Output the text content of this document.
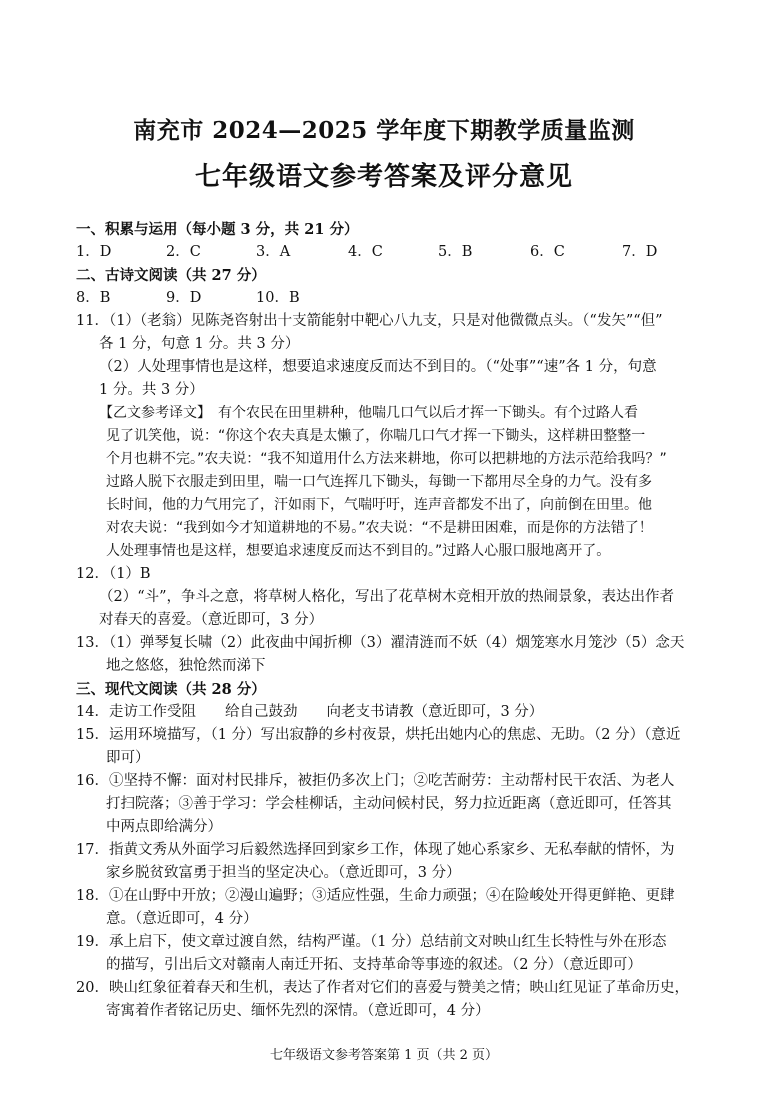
南充市 2024—2025 学年度下期教学质量监测
七年级语文参考答案及评分意见
一、积累与运用（每小题 3 分，共 21 分）
1．D	2．C	3．A	4．C	5．B	6．C	7．D
二、古诗文阅读（共 27 分）
8．B	9．D	10．B
11．（1）（老翁）见陈尧咨射出十支箭能射中靶心八九支，只是对他微微点头。（“发矢”“但”
各 1 分，句意 1 分。共 3 分）
（2）人处理事情也是这样，想要追求速度反而达不到目的。（“处事”“速”各 1 分，句意
1 分。共 3 分）
【乙文参考译文】　有个农民在田里耕种，他喘几口气以后才挥一下锄头。有个过路人看
见了讥笑他，说：“你这个农夫真是太懒了，你喘几口气才挥一下锄头，这样耕田整整一
个月也耕不完。”农夫说：“我不知道用什么方法来耕地，你可以把耕地的方法示范给我吗？”
过路人脱下衣服走到田里，喘一口气连挥几下锄头，每锄一下都用尽全身的力气。没有多
长时间，他的力气用完了，汗如雨下，气喘吁吁，连声音都发不出了，向前倒在田里。他
对农夫说：“我到如今才知道耕地的不易。”农夫说：“不是耕田困难，而是你的方法错了！
人处理事情也是这样，想要追求速度反而达不到目的。”过路人心服口服地离开了。
12．（1）B
（2）“斗”，争斗之意，将草树人格化，写出了花草树木竞相开放的热闹景象，表达出作者
对春天的喜爱。（意近即可，3 分）
13．（1）弹琴复长啸（2）此夜曲中闻折柳（3）濯清涟而不妖（4）烟笼寒水月笼沙（5）念天
地之悠悠，独怆然而涕下
三、现代文阅读（共 28 分）
14．走访工作受阻　　给自己鼓劲　　向老支书请教（意近即可，3 分）
15．运用环境描写，（1 分）写出寂静的乡村夜景，烘托出她内心的焦虑、无助。（2 分）（意近
即可）
16．①坚持不懈：面对村民排斥，被拒仍多次上门；②吃苦耐劳：主动帮村民干农活、为老人
打扫院落；③善于学习：学会桂柳话，主动问候村民，努力拉近距离（意近即可，任答其
中两点即给满分）
17．指黄文秀从外面学习后毅然选择回到家乡工作，体现了她心系家乡、无私奉献的情怀，为
家乡脱贫致富勇于担当的坚定决心。（意近即可，3 分）
18．①在山野中开放；②漫山遍野；③适应性强，生命力顽强；④在险峻处开得更鲜艳、更肆
意。（意近即可，4 分）
19．承上启下，使文章过渡自然，结构严谨。（1 分）总结前文对映山红生长特性与外在形态
的描写，引出后文对赣南人南迁开拓、支持革命等事迹的叙述。（2 分）（意近即可）
20．映山红象征着春天和生机，表达了作者对它们的喜爱与赞美之情；映山红见证了革命历史，
寄寓着作者铭记历史、缅怀先烈的深情。（意近即可，4 分）
七年级语文参考答案第 1 页（共 2 页）
